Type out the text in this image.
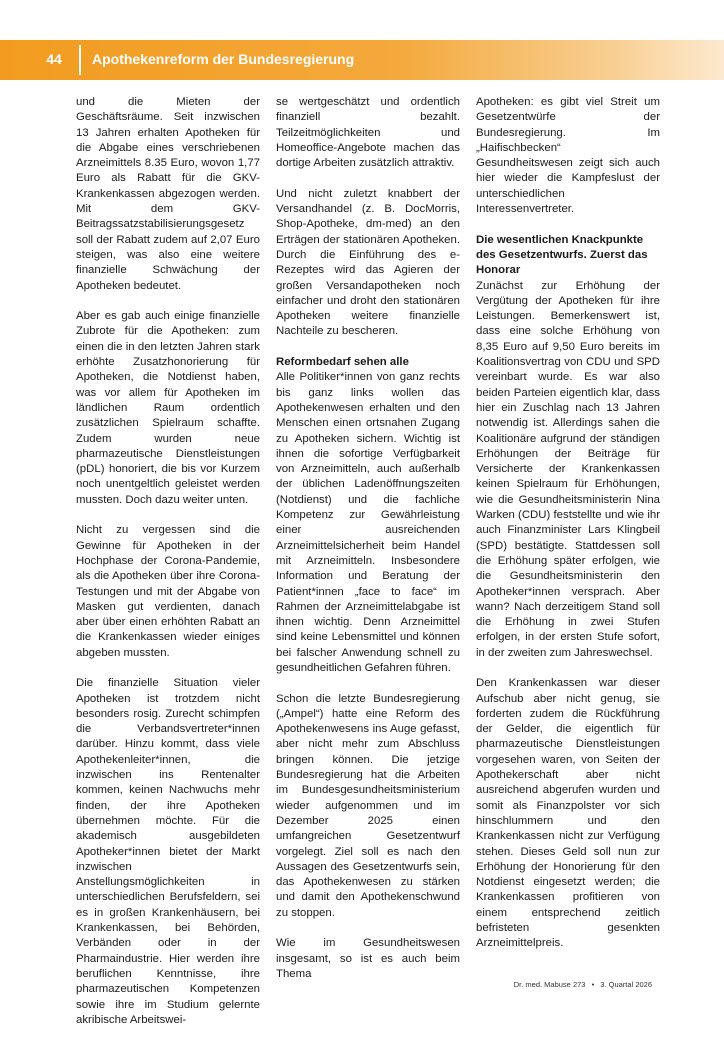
44	Apothekenreform der Bundesregierung

und die Mieten der Geschäftsräume. Seit inzwischen 13 Jahren erhalten Apotheken für die Abgabe eines verschriebenen Arzneimittels 8.35 Euro, wovon 1,77 Euro als Rabatt für die GKV-Krankenkassen abgezogen werden. Mit dem GKV-Beitragssatzstabilisierungsgesetz soll der Rabatt zudem auf 2,07 Euro steigen, was also eine weitere finanzielle Schwächung der Apotheken bedeutet.

Aber es gab auch einige finanzielle Zubrote für die Apotheken: zum einen die in den letzten Jahren stark erhöhte Zusatzhonorierung für Apotheken, die Notdienst haben, was vor allem für Apotheken im ländlichen Raum ordentlich zusätzlichen Spielraum schaffte. Zudem wurden neue pharmazeutische Dienstleistungen (pDL) honoriert, die bis vor Kurzem noch unentgeltlich geleistet werden mussten. Doch dazu weiter unten.

Nicht zu vergessen sind die Gewinne für Apotheken in der Hochphase der Corona-Pandemie, als die Apotheken über ihre Corona-Testungen und mit der Abgabe von Masken gut verdienten, danach aber über einen erhöhten Rabatt an die Krankenkassen wieder einiges abgeben mussten.

Die finanzielle Situation vieler Apotheken ist trotzdem nicht besonders rosig. Zurecht schimpfen die Verbandsvertreter*innen darüber. Hinzu kommt, dass viele Apothekenleiter*innen, die inzwischen ins Rentenalter kommen, keinen Nachwuchs mehr finden, der ihre Apotheken übernehmen möchte. Für die akademisch ausgebildeten Apotheker*innen bietet der Markt inzwischen Anstellungsmöglichkeiten in unterschiedlichen Berufsfeldern, sei es in großen Krankenhäusern, bei Krankenkassen, bei Behörden, Verbänden oder in der Pharmaindustrie. Hier werden ihre beruflichen Kenntnisse, ihre pharmazeutischen Kompetenzen sowie ihre im Studium gelernte akribische Arbeitswei-

se wertgeschätzt und ordentlich finanziell bezahlt. Teilzeitmöglichkeiten und Homeoffice-Angebote machen das dortige Arbeiten zusätzlich attraktiv.

Und nicht zuletzt knabbert der Versandhandel (z. B. DocMorris, Shop-Apotheke, dm-med) an den Erträgen der stationären Apotheken. Durch die Einführung des e-Rezeptes wird das Agieren der großen Versandapotheken noch einfacher und droht den stationären Apotheken weitere finanzielle Nachteile zu bescheren.

Reformbedarf sehen alle

Alle Politiker*innen von ganz rechts bis ganz links wollen das Apothekenwesen erhalten und den Menschen einen ortsnahen Zugang zu Apotheken sichern. Wichtig ist ihnen die sofortige Verfügbarkeit von Arzneimitteln, auch außerhalb der üblichen Ladenöffnungszeiten (Notdienst) und die fachliche Kompetenz zur Gewährleistung einer ausreichenden Arzneimittelsicherheit beim Handel mit Arzneimitteln. Insbesondere Information und Beratung der Patient*innen „face to face“ im Rahmen der Arzneimittelabgabe ist ihnen wichtig. Denn Arzneimittel sind keine Lebensmittel und können bei falscher Anwendung schnell zu gesundheitlichen Gefahren führen.

Schon die letzte Bundesregierung („Ampel“) hatte eine Reform des Apothekenwesens ins Auge gefasst, aber nicht mehr zum Abschluss bringen können. Die jetzige Bundesregierung hat die Arbeiten im Bundesgesundheitsministerium wieder aufgenommen und im Dezember 2025 einen umfangreichen Gesetzentwurf vorgelegt. Ziel soll es nach den Aussagen des Gesetzentwurfs sein, das Apothekenwesen zu stärken und damit den Apothekenschwund zu stoppen.

Wie im Gesundheitswesen insgesamt, so ist es auch beim Thema

Apotheken: es gibt viel Streit um Gesetzentwürfe der Bundesregierung. Im „Haifischbecken“ Gesundheitswesen zeigt sich auch hier wieder die Kampfeslust der unterschiedlichen Interessenvertreter.

Die wesentlichen Knackpunkte des Gesetzentwurfs. Zuerst das Honorar

Zunächst zur Erhöhung der Vergütung der Apotheken für ihre Leistungen. Bemerkenswert ist, dass eine solche Erhöhung von 8,35 Euro auf 9,50 Euro bereits im Koalitionsvertrag von CDU und SPD vereinbart wurde. Es war also beiden Parteien eigentlich klar, dass hier ein Zuschlag nach 13 Jahren notwendig ist. Allerdings sahen die Koalitionäre aufgrund der ständigen Erhöhungen der Beiträge für Versicherte der Krankenkassen keinen Spielraum für Erhöhungen, wie die Gesundheitsministerin Nina Warken (CDU) feststellte und wie ihr auch Finanzminister Lars Klingbeil (SPD) bestätigte. Stattdessen soll die Erhöhung später erfolgen, wie die Gesundheitsministerin den Apotheker*innen versprach. Aber wann? Nach derzeitigem Stand soll die Erhöhung in zwei Stufen erfolgen, in der ersten Stufe sofort, in der zweiten zum Jahreswechsel.

Den Krankenkassen war dieser Aufschub aber nicht genug, sie forderten zudem die Rückführung der Gelder, die eigentlich für pharmazeutische Dienstleistungen vorgesehen waren, von Seiten der Apothekerschaft aber nicht ausreichend abgerufen wurden und somit als Finanzpolster vor sich hinschlummern und den Krankenkassen nicht zur Verfügung stehen. Dieses Geld soll nun zur Erhöhung der Honorierung für den Notdienst eingesetzt werden; die Krankenkassen profitieren von einem entsprechend zeitlich befristeten gesenkten Arzneimittelpreis.

Dr. med. Mabuse 273 • 3. Quartal 2026
